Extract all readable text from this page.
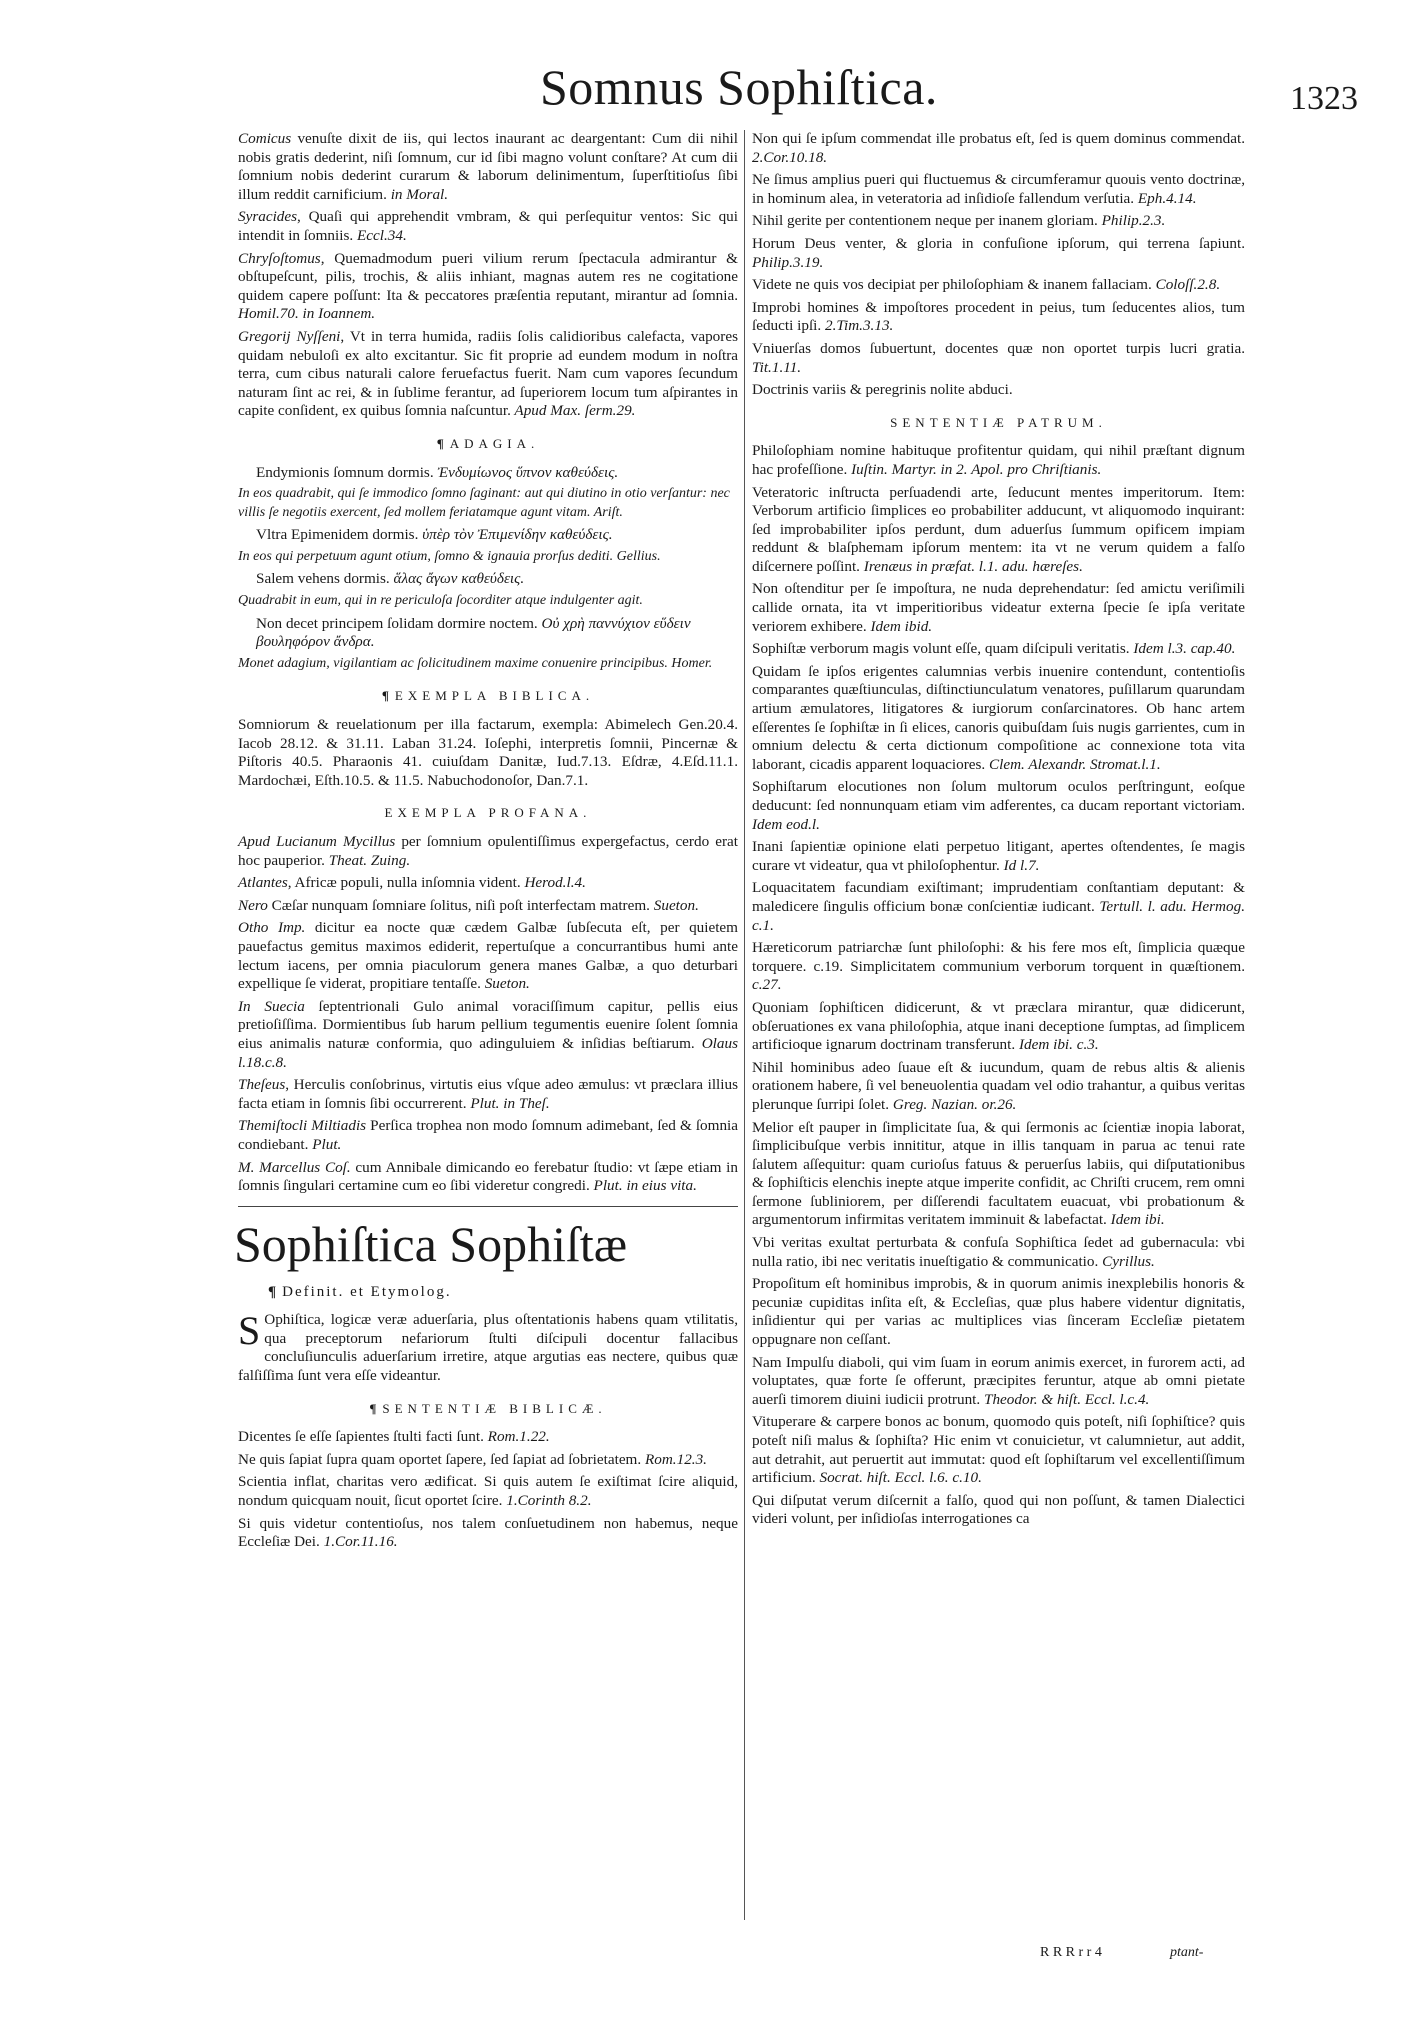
Somnus Sophiſtica.	1323

Comicus venuſte dixit de iis, qui lectos inaurant ac deargentant: Cum dii nihil nobis gratis dederint, niſi ſomnum, cur id ſibi magno volunt conſtare? At cum dii ſomnium nobis dederint curarum & laborum delinimentum, ſuperſtitioſus ſibi illum reddit carnificium. in Moral.

Syracides, Quaſi qui apprehendit vmbram, & qui perſequitur ventos: Sic qui intendit in ſomniis. Eccl.34.

Chryſoſtomus, Quemadmodum pueri vilium rerum ſpectacula admirantur & obſtupeſcunt, pilis, trochis, & aliis inhiant, magnas autem res ne cogitatione quidem capere poſſunt: Ita & peccatores præſentia reputant, mirantur ad ſomnia. Homil.70. in Ioannem.

Gregorij Nyſſeni, Vt in terra humida, radiis ſolis calidioribus calefacta, vapores quidam nebuloſi ex alto excitantur. Sic fit proprie ad eundem modum in noſtra terra, cum cibus naturali calore feruefactus fuerit. Nam cum vapores ſecundum naturam ſint ac rei, & in ſublime ferantur, ad ſuperiorem locum tum aſpirantes in capite conſident, ex quibus ſomnia naſcuntur. Apud Max. ſerm.29.

¶ ADAGIA.

Endymionis ſomnum dormis. Ἐνδυμίωνος ὕπνον καθεύδεις.

In eos quadrabit, qui ſe immodico ſomno ſaginant: aut qui diutino in otio verſantur: nec villis ſe negotiis exercent, ſed mollem feriatamque agunt vitam. Ariſt.

Vltra Epimenidem dormis. ὑπὲρ τὸν Ἐπιμενίδην καθεύδεις.

In eos qui perpetuum agunt otium, ſomno & ignauia prorſus dediti. Gellius.

Salem vehens dormis. ἅλας ἄγων καθεύδεις.

Quadrabit in eum, qui in re periculoſa ſocorditer atque indulgenter agit.

Non decet principem ſolidam dormire noctem. Οὐ χρὴ παννύχιον εὕδειν βουληφόρον ἄνδρα.

Monet adagium, vigilantiam ac ſolicitudinem maxime conuenire principibus. Homer.

¶ EXEMPLA BIBLICA.

Somniorum & reuelationum per illa factarum, exempla: Abimelech Gen.20.4. Iacob 28.12. & 31.11. Laban 31.24. Ioſephi, interpretis ſomnii, Pincernæ & Piſtoris 40.5. Pharaonis 41. cuiuſdam Danitæ, Iud.7.13. Eſdræ, 4.Eſd.11.1. Mardochæi, Eſth.10.5. & 11.5. Nabuchodonoſor, Dan.7.1.

EXEMPLA PROFANA.

Apud Lucianum Mycillus per ſomnium opulentiſſimus expergefactus, cerdo erat hoc pauperior. Theat. Zuing.

Atlantes, Africæ populi, nulla inſomnia vident. Herod.l.4.

Nero Cæſar nunquam ſomniare ſolitus, niſi poſt interfectam matrem. Sueton.

Otho Imp. dicitur ea nocte quæ cædem Galbæ ſubſecuta eſt, per quietem pauefactus gemitus maximos ediderit, repertuſque a concurrantibus humi ante lectum iacens, per omnia piaculorum genera manes Galbæ, a quo deturbari expellique ſe viderat, propitiare tentaſſe. Sueton.

In Suecia ſeptentrionali Gulo animal voraciſſimum capitur, pellis eius pretioſiſſima. Dormientibus ſub harum pellium tegumentis euenire ſolent ſomnia eius animalis naturæ conformia, quo adinguluiem & inſidias beſtiarum. Olaus l.18.c.8.

Theſeus, Herculis conſobrinus, virtutis eius vſque adeo æmulus: vt præclara illius facta etiam in ſomnis ſibi occurrerent. Plut. in Theſ.

Themiſtocli Miltiadis Perſica trophea non modo ſomnum adimebant, ſed & ſomnia condiebant. Plut.

M. Marcellus Coſ. cum Annibale dimicando eo ferebatur ſtudio: vt ſæpe etiam in ſomnis ſingulari certamine cum eo ſibi videretur congredi. Plut. in eius vita.

Sophiſtica Sophiſtæ
¶ Definit. et Etymolog.

S Ophiſtica, logicæ veræ aduerſaria, plus oſtentationis habens quam vtilitatis, qua preceptorum nefariorum ſtulti diſcipuli docentur fallacibus concluſiunculis aduerſarium irretire, atque argutias eas nectere, quibus quæ falſiſſima ſunt vera eſſe videantur.

¶ SENTENTIÆ BIBLICÆ.

Dicentes ſe eſſe ſapientes ſtulti facti ſunt. Rom.1.22.

Ne quis ſapiat ſupra quam oportet ſapere, ſed ſapiat ad ſobrietatem. Rom.12.3.

Scientia inflat, charitas vero ædificat. Si quis autem ſe exiſtimat ſcire aliquid, nondum quicquam nouit, ſicut oportet ſcire. 1.Corinth 8.2.

Si quis videtur contentioſus, nos talem conſuetudinem non habemus, neque Eccleſiæ Dei. 1.Cor.11.16.

Non qui ſe ipſum commendat ille probatus eſt, ſed is quem dominus commendat. 2.Cor.10.18.

Ne ſimus amplius pueri qui fluctuemus & circumferamur quouis vento doctrinæ, in hominum alea, in veteratoria ad inſidioſe fallendum verſutia. Eph.4.14.

Nihil gerite per contentionem neque per inanem gloriam. Philip.2.3.

Horum Deus venter, & gloria in confuſione ipſorum, qui terrena ſapiunt. Philip.3.19.

Videte ne quis vos decipiat per philoſophiam & inanem fallaciam. Coloſſ.2.8.

Improbi homines & impoſtores procedent in peius, tum ſeducentes alios, tum ſeducti ipſi. 2.Tim.3.13.

Vniuerſas domos ſubuertunt, docentes quæ non oportet turpis lucri gratia. Tit.1.11.

Doctrinis variis & peregrinis nolite abduci.

SENTENTIÆ PATRUM.

Philoſophiam nomine habituque profitentur quidam, qui nihil præſtant dignum hac profeſſione. Iuſtin. Martyr. in 2. Apol. pro Chriſtianis.

Veteratoric inſtructa perſuadendi arte, ſeducunt mentes imperitorum. Item: Verborum artificio ſimplices eo probabiliter adducunt, vt aliquomodo inquirant: ſed improbabiliter ipſos perdunt, dum aduerſus ſummum opificem impiam reddunt & blaſphemam ipſorum mentem: ita vt ne verum quidem a falſo diſcernere poſſint. Irenæus in præfat. l.1. adu. hæreſes.

Non oſtenditur per ſe impoſtura, ne nuda deprehendatur: ſed amictu veriſimili callide ornata, ita vt imperitioribus videatur externa ſpecie ſe ipſa veritate veriorem exhibere. Idem ibid.

Sophiſtæ verborum magis volunt eſſe, quam diſcipuli veritatis. Idem l.3. cap.40.

Quidam ſe ipſos erigentes calumnias verbis inuenire contendunt, contentioſis comparantes quæſtiunculas, diſtinctiunculatum venatores, puſillarum quarundam artium æmulatores, litigatores & iurgiorum conſarcinatores. Ob hanc artem eſſerentes ſe ſophiſtæ in ſi elices, canoris quibuſdam ſuis nugis garrientes, cum in omnium delectu & certa dictionum compoſitione ac connexione tota vita laborant, cicadis apparent loquaciores. Clem. Alexandr. Stromat.l.1.

Sophiſtarum elocutiones non ſolum multorum oculos perſtringunt, eoſque deducunt: ſed nonnunquam etiam vim adferentes, ca ducam reportant victoriam. Idem eod.l.

Inani ſapientiæ opinione elati perpetuo litigant, apertes oſtendentes, ſe magis curare vt videatur, qua vt philoſophentur. Id l.7.

Loquacitatem facundiam exiſtimant; imprudentiam conſtantiam deputant: & maledicere ſingulis officium bonæ conſcientiæ iudicant. Tertull. l. adu. Hermog. c.1.

Hæreticorum patriarchæ ſunt philoſophi: & his fere mos eſt, ſimplicia quæque torquere. c.19. Simplicitatem communium verborum torquent in quæſtionem. c.27.

Quoniam ſophiſticen didicerunt, & vt præclara mirantur, quæ didicerunt, obſeruationes ex vana philoſophia, atque inani deceptione ſumptas, ad ſimplicem artificioque ignarum doctrinam transferunt. Idem ibi. c.3.

Nihil hominibus adeo ſuaue eſt & iucundum, quam de rebus altis & alienis orationem habere, ſi vel beneuolentia quadam vel odio trahantur, a quibus veritas plerunque ſurripi ſolet. Greg. Nazian. or.26.

Melior eſt pauper in ſimplicitate ſua, & qui ſermonis ac ſcientiæ inopia laborat, ſimplicibuſque verbis innititur, atque in illis tanquam in parua ac tenui rate ſalutem aſſequitur: quam curioſus fatuus & peruerſus labiis, qui diſputationibus & ſophiſticis elenchis inepte atque imperite confidit, ac Chriſti crucem, rem omni ſermone ſubliniorem, per diſſerendi facultatem euacuat, vbi probationum & argumentorum infirmitas veritatem imminuit & labefactat. Idem ibi.

Vbi veritas exultat perturbata & confuſa Sophiſtica ſedet ad gubernacula: vbi nulla ratio, ibi nec veritatis inueſtigatio & communicatio. Cyrillus.

Propoſitum eſt hominibus improbis, & in quorum animis inexplebilis honoris & pecuniæ cupiditas inſita eſt, & Eccleſias, quæ plus habere videntur dignitatis, inſidientur qui per varias ac multiplices vias ſinceram Eccleſiæ pietatem oppugnare non ceſſant.

Nam Impulſu diaboli, qui vim ſuam in eorum animis exercet, in furorem acti, ad voluptates, quæ forte ſe offerunt, præcipites feruntur, atque ab omni pietate auerſi timorem diuini iudicii protrunt. Theodor. & hiſt. Eccl. l.c.4.

Vituperare & carpere bonos ac bonum, quomodo quis poteſt, niſi ſophiſtice? quis poteſt niſi malus & ſophiſta? Hic enim vt conuicietur, vt calumnietur, aut addit, aut detrahit, aut peruertit aut immutat: quod eſt ſophiſtarum vel excellentiſſimum artificium. Socrat. hiſt. Eccl. l.6. c.10.

Qui diſputat verum diſcernit a falſo, quod qui non poſſunt, & tamen Dialectici videri volunt, per inſidioſas interrogationes ca

R R R r r 4	ptant-
